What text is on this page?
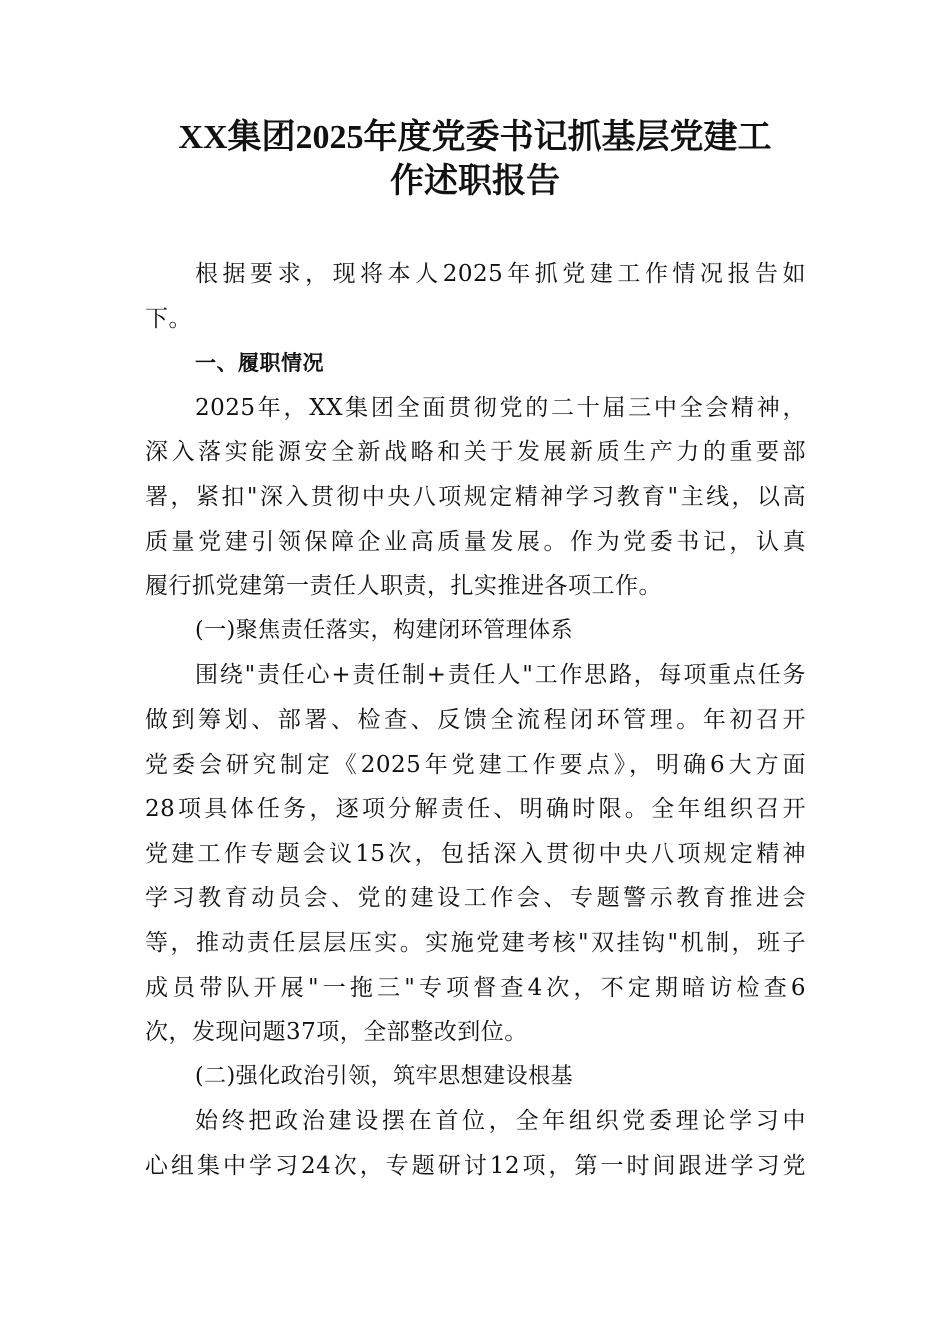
XX集团2025年度党委书记抓基层党建工
作述职报告
根据要求，现将本人2025年抓党建工作情况报告如
下。
一、履职情况
2025年，XX集团全面贯彻党的二十届三中全会精神，
深入落实能源安全新战略和关于发展新质生产力的重要部
署，紧扣"深入贯彻中央八项规定精神学习教育"主线，以高
质量党建引领保障企业高质量发展。作为党委书记，认真
履行抓党建第一责任人职责，扎实推进各项工作。
(一)聚焦责任落实，构建闭环管理体系
围绕"责任心+责任制+责任人"工作思路，每项重点任务
做到筹划、部署、检查、反馈全流程闭环管理。年初召开
党委会研究制定《2025年党建工作要点》，明确6大方面
28项具体任务，逐项分解责任、明确时限。全年组织召开
党建工作专题会议15次，包括深入贯彻中央八项规定精神
学习教育动员会、党的建设工作会、专题警示教育推进会
等，推动责任层层压实。实施党建考核"双挂钩"机制，班子
成员带队开展"一拖三"专项督查4次，不定期暗访检查6
次，发现问题37项，全部整改到位。
(二)强化政治引领，筑牢思想建设根基
始终把政治建设摆在首位，全年组织党委理论学习中
心组集中学习24次，专题研讨12项，第一时间跟进学习党
